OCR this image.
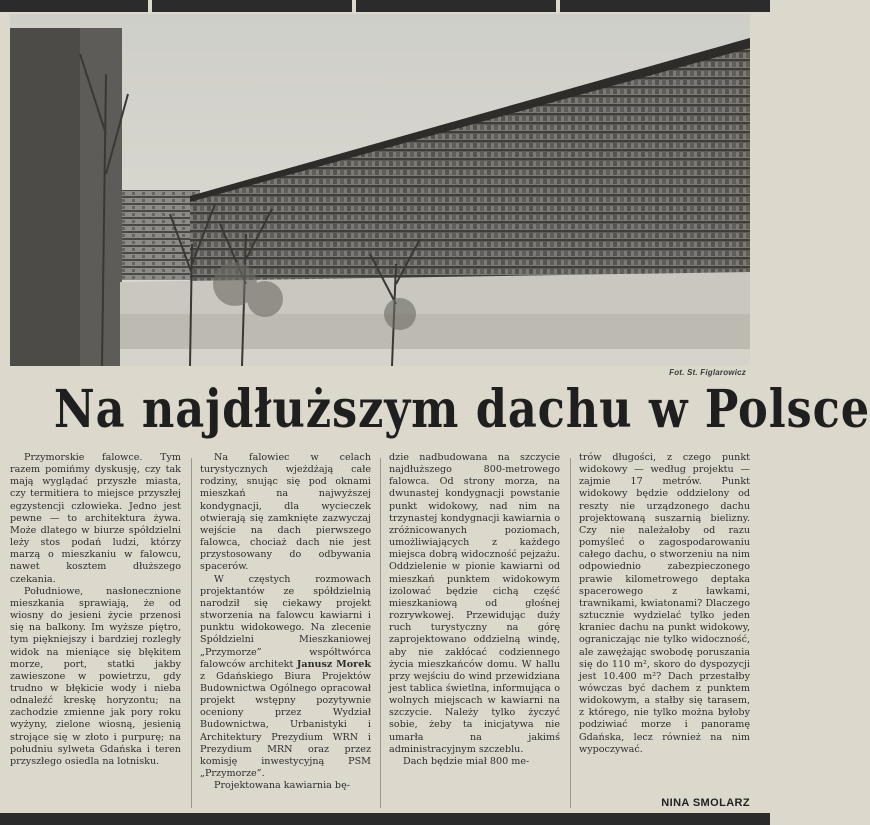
Fot. St. Figlarowicz
Na najdłuższym dachu w Polsce

Przymorskie falowce. Tym razem pomińmy dyskusję, czy tak mają wyglądać przyszłe miasta, czy termitiera to miejsce przyszłej egzystencji człowieka. Jedno jest pewne — to architektura żywa. Może dlatego w biurze spółdzielni leży stos podań ludzi, którzy marzą o mieszkaniu w falowcu, nawet kosztem dłuższego czekania.

Południowe, nasłonecznione mieszkania sprawiają, że od wiosny do jesieni życie przenosi się na balkony. Im wyższe piętro, tym piękniejszy i bardziej rozległy widok na mieniące się błękitem morze, port, statki jakby zawieszone w powietrzu, gdy trudno w błękicie wody i nieba odnaleźć kreskę horyzontu; na zachodzie zmienne jak pory roku wyżyny, zielone wiosną, jesienią strojące się w złoto i purpurę; na południu sylweta Gdańska i teren przyszłego osiedla na lotnisku.

Na falowiec w celach turystycznych wjeżdżają całe rodziny, snując się pod oknami mieszkań na najwyższej kondygnacji, dla wycieczek otwierają się zamknięte zazwyczaj wejście na dach pierwszego falowca, chociaż dach nie jest przystosowany do odbywania spacerów.

W częstych rozmowach projektantów ze spółdzielnią narodził się ciekawy projekt stworzenia na falowcu kawiarni i punktu widokowego. Na zlecenie Spółdzielni Mieszkaniowej „Przymorze” współtwórca falowców architekt Janusz Morek z Gdańskiego Biura Projektów Budownictwa Ogólnego opracował projekt wstępny pozytywnie oceniony przez Wydział Budownictwa, Urbanistyki i Architektury Prezydium WRN i Prezydium MRN oraz przez komisję inwestycyjną PSM „Przymorze”.

Projektowana kawiarnia bę-

dzie nadbudowana na szczycie najdłuższego 800-metrowego falowca. Od strony morza, na dwunastej kondygnacji powstanie punkt widokowy, nad nim na trzynastej kondygnacji kawiarnia o zróżnicowanych poziomach, umożliwiających z każdego miejsca dobrą widoczność pejzażu. Oddzielenie w pionie kawiarni od mieszkań punktem widokowym izolować będzie cichą część mieszkaniową od głośnej rozrywkowej. Przewidując duży ruch turystyczny na górę zaprojektowano oddzielną windę, aby nie zakłócać codziennego życia mieszkańców domu. W hallu przy wejściu do wind przewidziana jest tablica świetlna, informująca o wolnych miejscach w kawiarni na szczycie. Należy tylko życzyć sobie, żeby ta inicjatywa nie umarła na jakimś administracyjnym szczeblu.

Dach będzie miał 800 me-

trów długości, z czego punkt widokowy — według projektu — zajmie 17 metrów. Punkt widokowy będzie oddzielony od reszty nie urządzonego dachu projektowaną suszarnią bielizny. Czy nie należałoby od razu pomyśleć o zagospodarowaniu całego dachu, o stworzeniu na nim odpowiednio zabezpieczonego prawie kilometrowego deptaka spacerowego z ławkami, trawnikami, kwiatonami? Dlaczego sztucznie wydzielać tylko jeden kraniec dachu na punkt widokowy, ograniczając nie tylko widoczność, ale zawężając swobodę poruszania się do 110 m², skoro do dyspozycji jest 10.400 m²? Dach przestałby wówczas być dachem z punktem widokowym, a stałby się tarasem, z którego, nie tylko można byłoby podziwiać morze i panoramę Gdańska, lecz również na nim wypoczywać.

NINA SMOLARZ
